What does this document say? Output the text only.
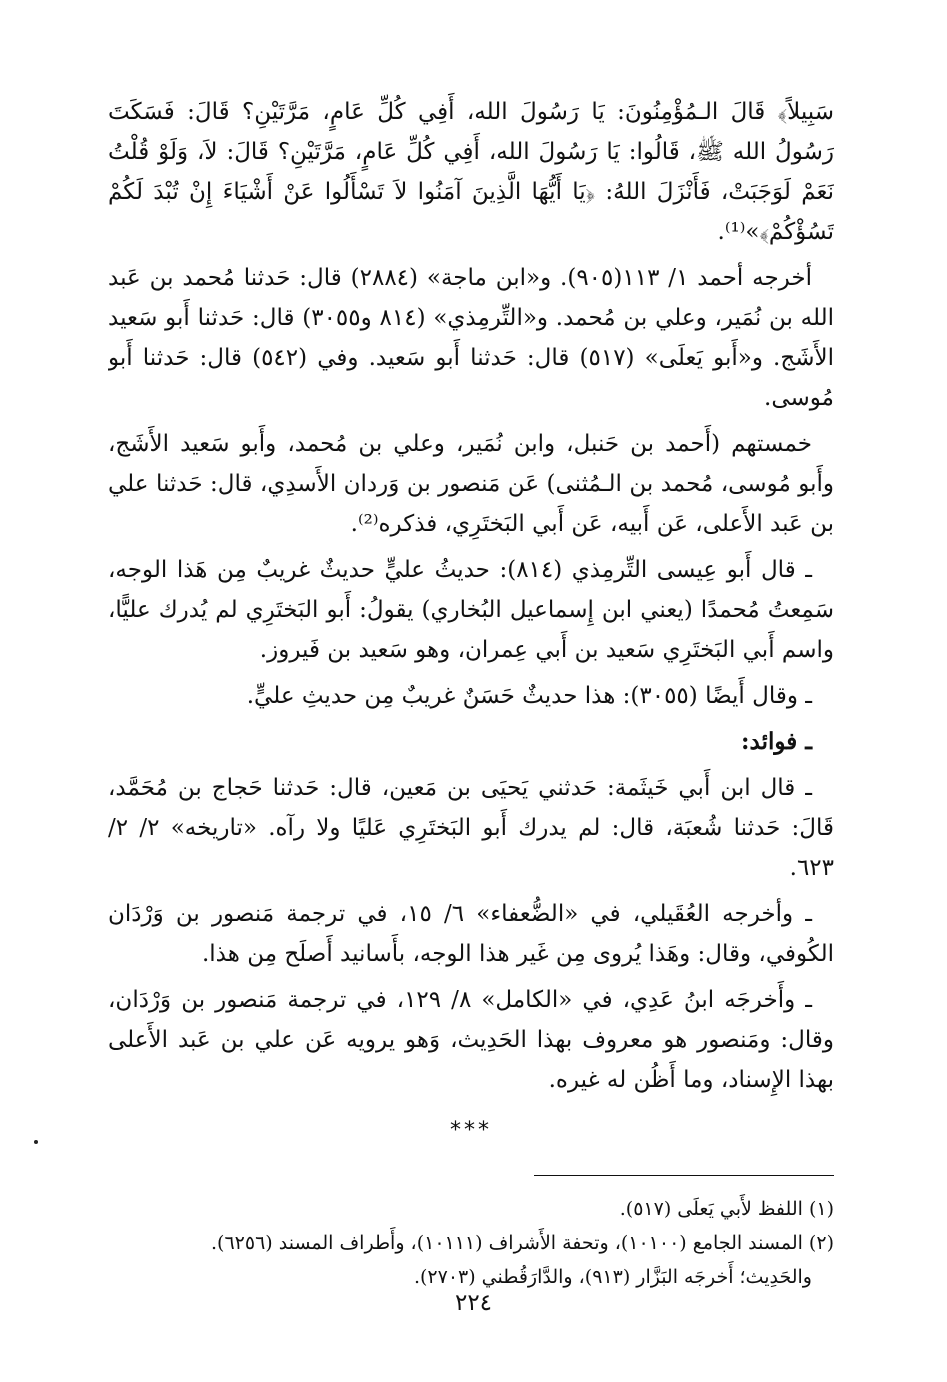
سَبِيلاً﴾ قَالَ الـمُؤْمِنُونَ: يَا رَسُولَ الله، أَفِي كُلِّ عَامٍ، مَرَّتَيْنِ؟ قَالَ: فَسَكَتَ رَسُولُ الله ﷺ، قَالُوا: يَا رَسُولَ الله، أَفِي كُلِّ عَامٍ، مَرَّتَيْنِ؟ قَالَ: لاَ، وَلَوْ قُلْتُ نَعَمْ لَوَجَبَتْ، فَأَنْزَلَ اللهُ: ﴿يَا أَيُّهَا الَّذِينَ آمَنُوا لاَ تَسْأَلُوا عَنْ أَشْيَاءَ إِنْ تُبْدَ لَكُمْ تَسُؤْكُمْ﴾»⁽¹⁾.

أخرجه أحمد ١/ ١١٣(٩٠٥). و«ابن ماجة» (٢٨٨٤) قال: حَدثنا مُحمد بن عَبد الله بن نُمَير، وعلي بن مُحمد. و«التِّرمِذي» (٨١٤ و٣٠٥٥) قال: حَدثنا أَبو سَعيد الأَشَج. و«أَبو يَعلَى» (٥١٧) قال: حَدثنا أَبو سَعيد. وفي (٥٤٢) قال: حَدثنا أَبو مُوسى.

خمستهم (أَحمد بن حَنبل، وابن نُمَير، وعلي بن مُحمد، وأَبو سَعيد الأَشَج، وأَبو مُوسى، مُحمد بن الـمُثنى) عَن مَنصور بن وَردان الأَسدِي، قال: حَدثنا علي بن عَبد الأَعلى، عَن أَبيه، عَن أَبي البَختَرِي، فذكره⁽²⁾.

ـ قال أَبو عِيسى التِّرمِذي (٨١٤): حديثُ عليٍّ حديثٌ غريبٌ مِن هَذا الوجه، سَمِعتُ مُحمدًا (يعني ابن إِسماعيل البُخاري) يقولُ: أَبو البَختَرِي لم يُدرك عليًّا، واسم أَبي البَختَرِي سَعيد بن أَبي عِمران، وهو سَعيد بن فَيروز.

ـ وقال أَيضًا (٣٠٥٥): هذا حديثٌ حَسَنٌ غريبٌ مِن حديثِ عليٍّ.

ـ فوائد:

ـ قال ابن أَبي خَيثَمة: حَدثني يَحيَى بن مَعين، قال: حَدثنا حَجاج بن مُحَمَّد، قَالَ: حَدثنا شُعبَة، قال: لم يدرك أَبو البَختَرِي عَليًا ولا رآه. «تاريخه» ٢/ ٢/ ٦٢٣.

ـ وأخرجه العُقَيلي، في «الضُّعفاء» ٦/ ١٥، في ترجمة مَنصور بن وَرْدَان الكُوفي، وقال: وهَذا يُروى مِن غَير هذا الوجه، بأَسانيد أَصلَح مِن هذا.

ـ وأَخرجَه ابنُ عَدِي، في «الكامل» ٨/ ١٢٩، في ترجمة مَنصور بن وَرْدَان، وقال: ومَنصور هو معروف بهذا الحَدِيث، وَهو يرويه عَن علي بن عَبد الأَعلى بهذا الإِسناد، وما أَظُن له غيره.

***

(١) اللفظ لأَبي يَعلَى (٥١٧).

(٢) المسند الجامع (١٠١٠٠)، وتحفة الأَشراف (١٠١١١)، وأَطراف المسند (٦٢٥٦).

والحَدِيث؛ أَخرجَه البَزَّار (٩١٣)، والدَّارَقُطني (٢٧٠٣).

٢٢٤
